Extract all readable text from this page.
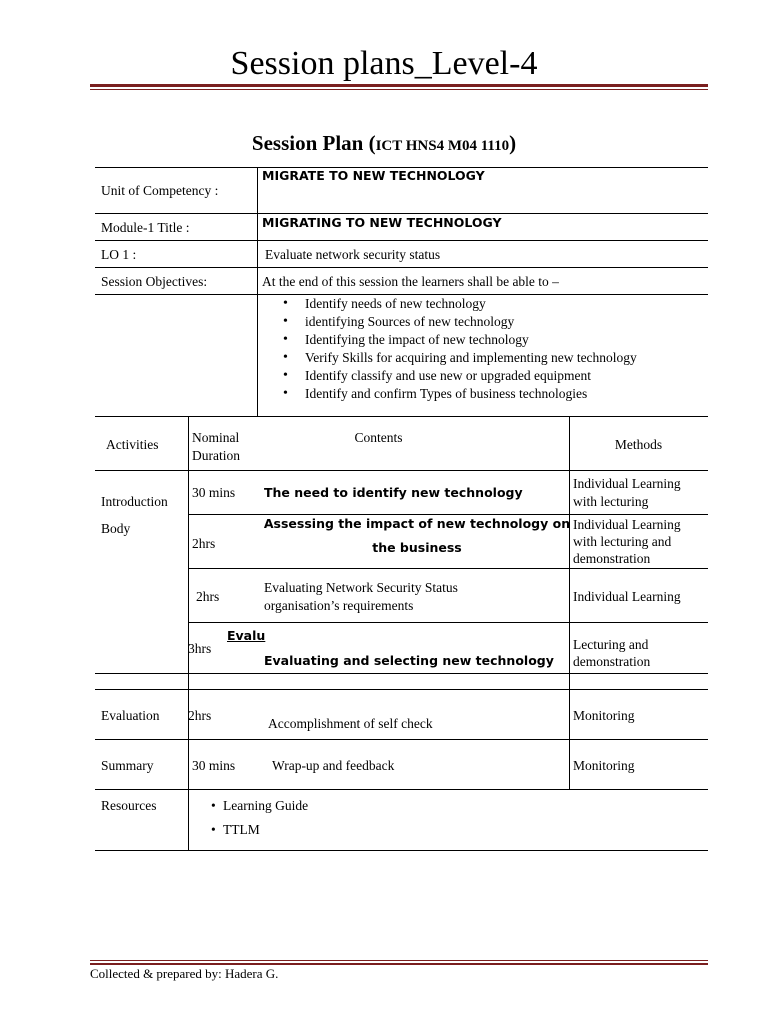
Session plans_Level-4
Session Plan (ICT HNS4 M04 1110)
Unit of Competency :
MIGRATE TO NEW TECHNOLOGY
Module-1 Title :	MIGRATING TO NEW TECHNOLOGY
LO 1 :	Evaluate network security status
Session Objectives:	At the end of this session the learners shall be able to –
• Identify needs of new technology
• identifying Sources of new technology
• Identifying the impact of new technology
• Verify Skills for acquiring and implementing new technology
• Identify classify and use new or upgraded equipment
• Identify and confirm Types of business technologies
Activities Nominal
Duration
Contents	Methods
Introduction
30 mins The need to identify new technology
Individual Learning
with lecturing
Body
2hrs
Assessing the impact of new technology on
the business
Individual Learning
with lecturing and
demonstration
2hrs
Evaluating Network Security Status
organisation’s requirements
Individual Learning
3hrs
Evalu
Evaluating and selecting new technology
Lecturing and
demonstration
Evaluation 2hrs
Accomplishment of self check
Monitoring
Summary	30 mins	Wrap-up and feedback	Monitoring
Resources
•	Learning Guide
• TTLM
Collected & prepared by: Hadera G.
